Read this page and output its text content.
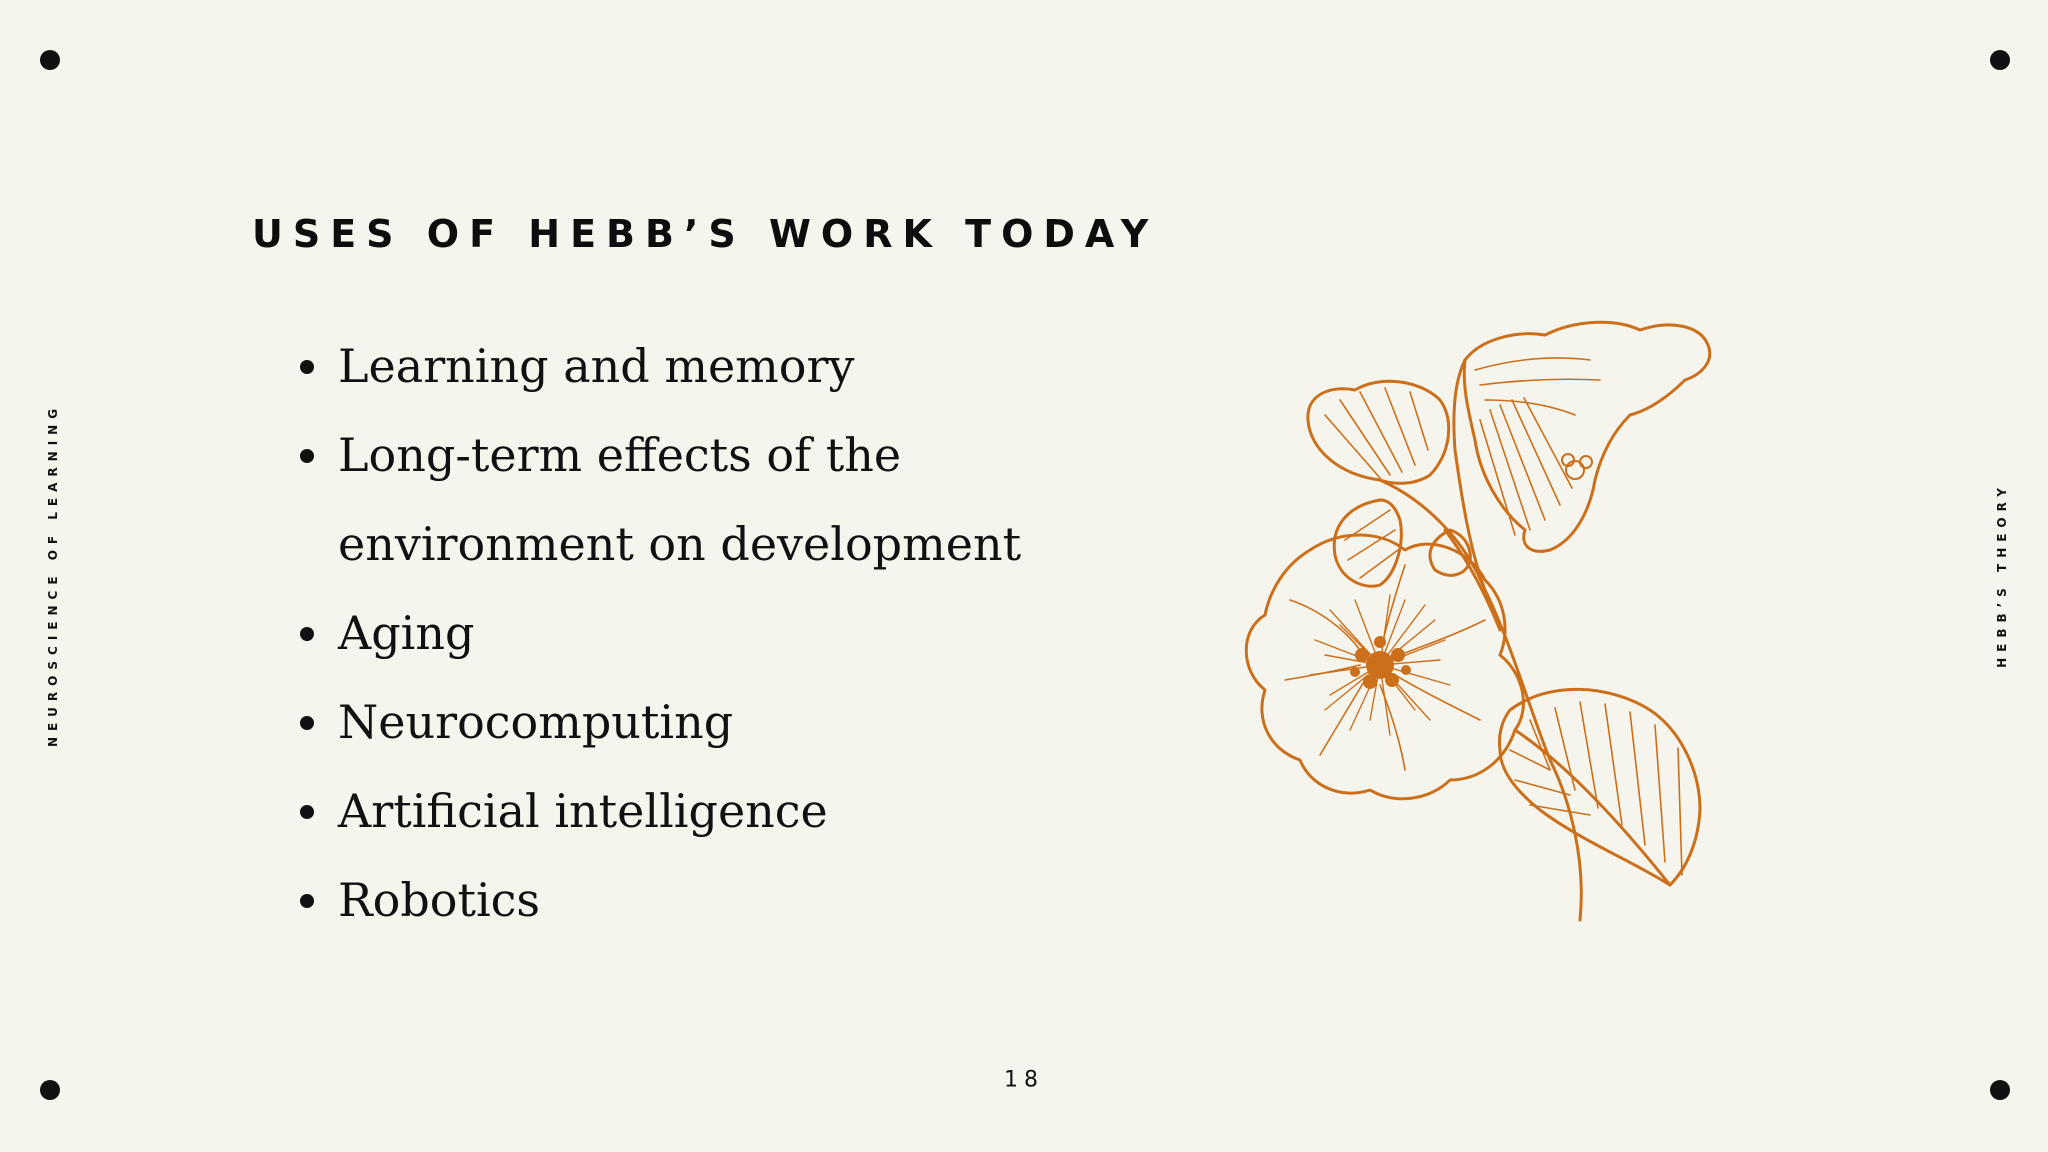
NEUROSCIENCE OF LEARNING	HEBB’S THEORY
USES OF HEBB’S WORK TODAY
Learning and memory
Long-term effects of the environment on development
Aging
Neurocomputing
Artificial intelligence
Robotics
18
